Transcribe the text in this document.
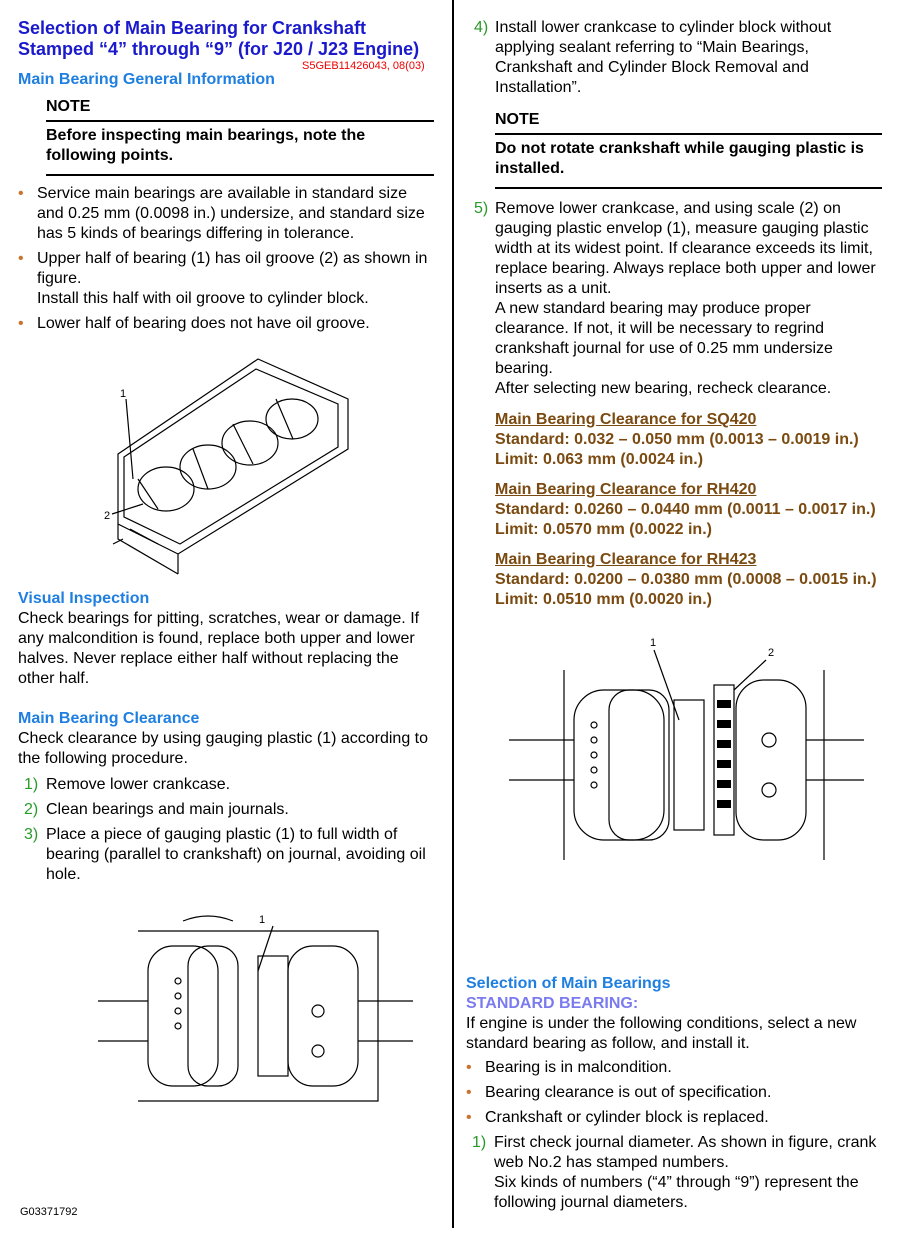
Selection of Main Bearing for Crankshaft Stamped “4” through “9” (for J20 / J23 Engine)
Main Bearing General Information
NOTE
Before inspecting main bearings, note the following points.
• Service main bearings are available in standard size and 0.25 mm (0.0098 in.) undersize, and standard size has 5 kinds of bearings differing in tolerance.
• Upper half of bearing (1) has oil groove (2) as shown in figure.
Install this half with oil groove to cylinder block.
• Lower half of bearing does not have oil groove.
1
2
Visual Inspection
Check bearings for pitting, scratches, wear or damage. If any malcondition is found, replace both upper and lower halves. Never replace either half without replacing the other half.
Main Bearing Clearance
Check clearance by using gauging plastic (1) according to the following procedure.
1) Remove lower crankcase.
2) Clean bearings and main journals.
3) Place a piece of gauging plastic (1) to full width of bearing (parallel to crankshaft) on journal, avoiding oil hole.
1
4) Install lower crankcase to cylinder block without applying sealant referring to “Main Bearings, Crankshaft and Cylinder Block Removal and Installation”.
NOTE
Do not rotate crankshaft while gauging plastic is installed.
5) Remove lower crankcase, and using scale (2) on gauging plastic envelop (1), measure gauging plastic width at its widest point. If clearance exceeds its limit, replace bearing. Always replace both upper and lower inserts as a unit.
A new standard bearing may produce proper clearance. If not, it will be necessary to regrind crankshaft journal for use of 0.25 mm undersize bearing.
After selecting new bearing, recheck clearance.
Main Bearing Clearance for SQ420
Standard: 0.032 – 0.050 mm (0.0013 – 0.0019 in.)
Limit: 0.063 mm (0.0024 in.)
Main Bearing Clearance for RH420
Standard: 0.0260 – 0.0440 mm (0.0011 – 0.0017 in.)
Limit: 0.0570 mm (0.0022 in.)
Main Bearing Clearance for RH423
Standard: 0.0200 – 0.0380 mm (0.0008 – 0.0015 in.)
Limit: 0.0510 mm (0.0020 in.)
1
2
Selection of Main Bearings
STANDARD BEARING:
If engine is under the following conditions, select a new standard bearing as follow, and install it.
• Bearing is in malcondition.
• Bearing clearance is out of specification.
• Crankshaft or cylinder block is replaced.
1) First check journal diameter. As shown in figure, crank web No.2 has stamped numbers.
Six kinds of numbers (“4” through “9”) represent the following journal diameters.
S5GEB11426043, 08(03)
G03371792
